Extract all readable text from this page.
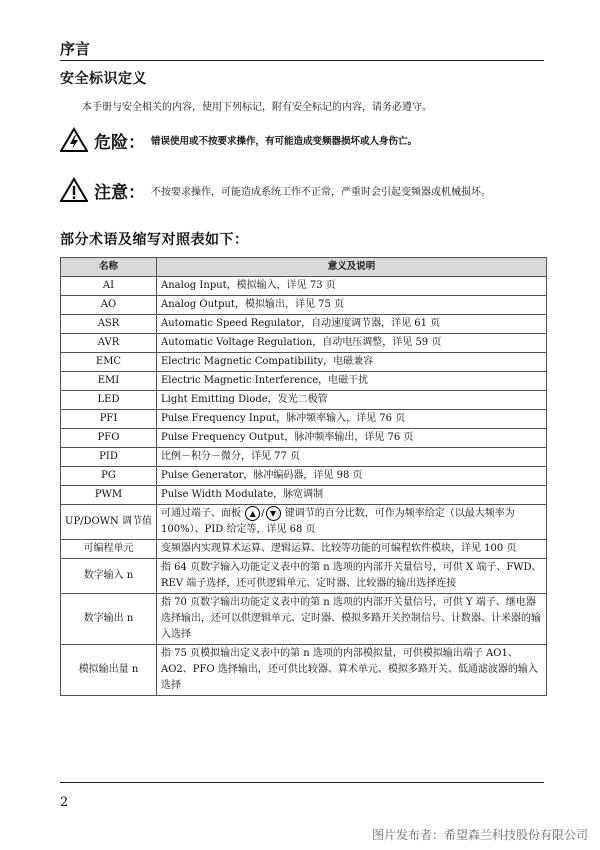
序言
安全标识定义
本手册与安全相关的内容，使用下列标记，附有安全标记的内容，请务必遵守。
危险： 错误使用或不按要求操作，有可能造成变频器损坏或人身伤亡。
注意： 不按要求操作，可能造成系统工作不正常，严重时会引起变频器或机械损坏。
部分术语及缩写对照表如下：
名称	意义及说明
AI	Analog Input，模拟输入，详见 73 页
AO	Analog Output，模拟输出，详见 75 页
ASR	Automatic Speed Regulator，自动速度调节器，详见 61 页
AVR	Automatic Voltage Regulation，自动电压调整，详见 59 页
EMC	Electric Magnetic Compatibility，电磁兼容
EMI	Electric Magnetic Interference，电磁干扰
LED	Light Emitting Diode，发光二极管
PFI	Pulse Frequency Input，脉冲频率输入，详见 76 页
PFO	Pulse Frequency Output，脉冲频率输出，详见 76 页
PID	比例－积分－微分，详见 77 页
PG	Pulse Generator，脉冲编码器，详见 98 页
PWM	Pulse Width Modulate，脉宽调制
UP/DOWN 调节值	可通过端子、面板 ▲ / ▼ 键调节的百分比数，可作为频率给定（以最大频率为 100%）、PID 给定等，详见 68 页
可编程单元	变频器内实现算术运算、逻辑运算、比较等功能的可编程软件模块，详见 100 页
数字输入 n	指 64 页数字输入功能定义表中的第 n 选项的内部开关量信号，可供 X 端子、FWD、REV 端子选择，还可供逻辑单元、定时器、比较器的输出选择连接
数字输出 n	指 70 页数字输出功能定义表中的第 n 选项的内部开关量信号，可供 Y 端子、继电器选择输出，还可以供逻辑单元、定时器、模拟多路开关控制信号、计数器、计米器的输入选择
模拟输出量 n	指 75 页模拟输出定义表中的第 n 选项的内部模拟量，可供模拟输出端子 AO1、AO2、PFO 选择输出，还可供比较器、算术单元、模拟多路开关、低通滤波器的输入选择
2
图片发布者：希望森兰科技股份有限公司
